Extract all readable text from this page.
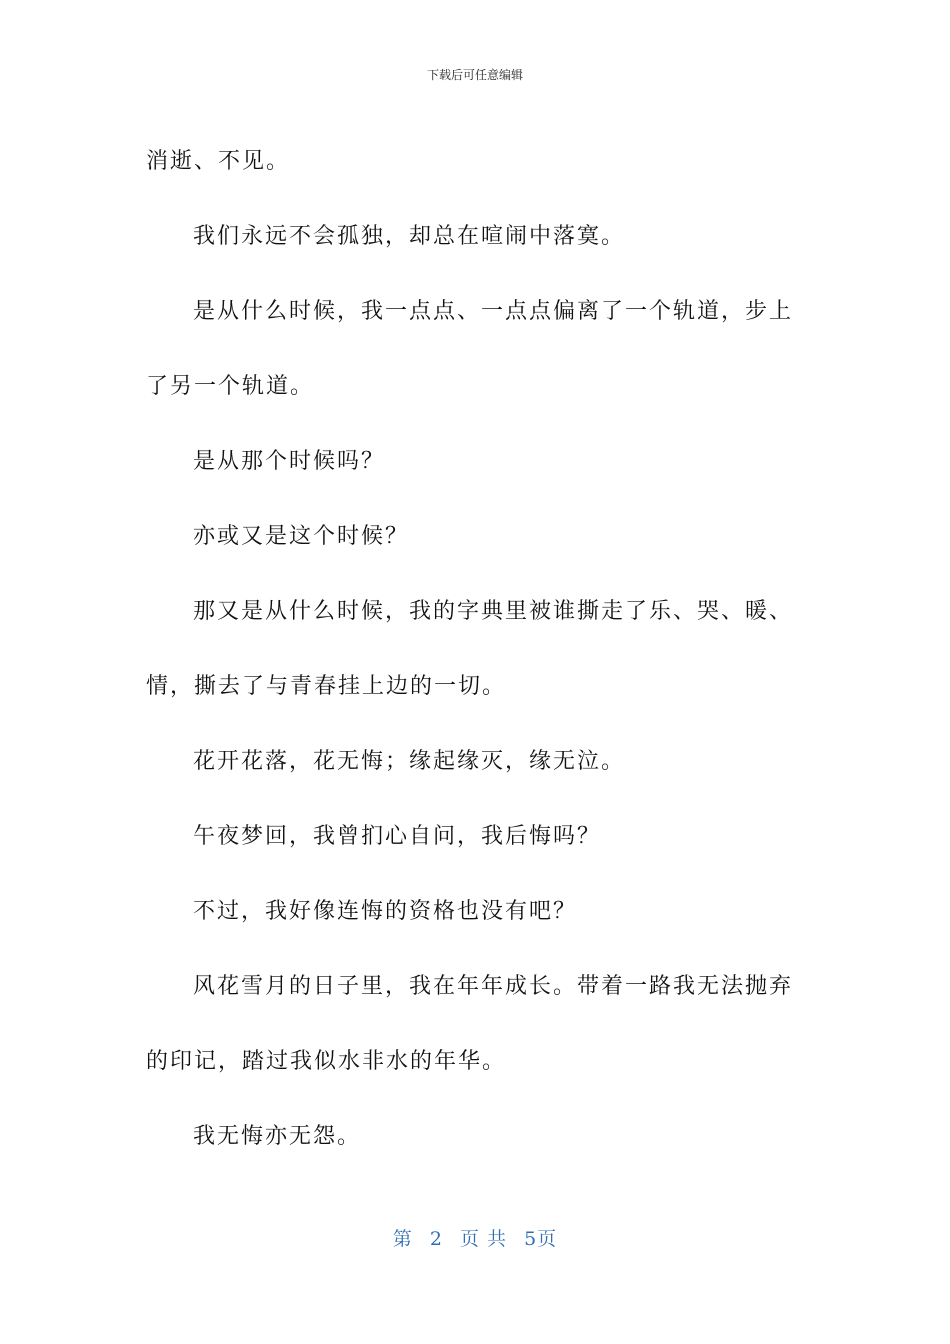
下载后可任意编辑

消逝、不见。

我们永远不会孤独，却总在喧闹中落寞。

是从什么时候，我一点点、一点点偏离了一个轨道，步上

了另一个轨道。

是从那个时候吗？

亦或又是这个时候？

那又是从什么时候，我的字典里被谁撕走了乐、哭、暖、

情，撕去了与青春挂上边的一切。

花开花落，花无悔；缘起缘灭，缘无泣。

午夜梦回，我曾扪心自问，我后悔吗？

不过，我好像连悔的资格也没有吧？

风花雪月的日子里，我在年年成长。带着一路我无法抛弃

的印记，踏过我似水非水的年华。

我无悔亦无怨。

第 2 页 共 5页
